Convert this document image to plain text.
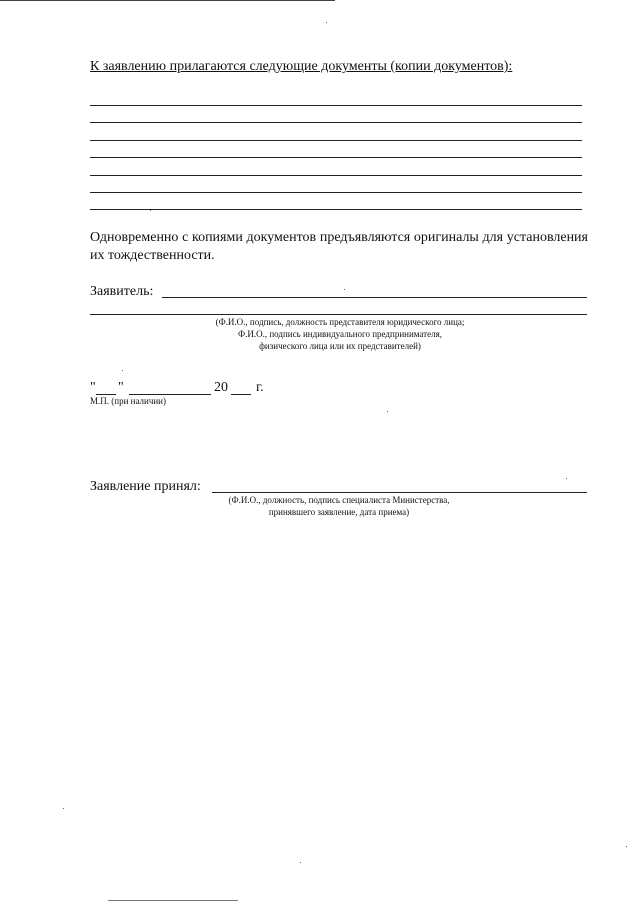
К заявлению прилагаются следующие документы (копии документов):
Одновременно с копиями документов предъявляются оригиналы для установления их тождественности.
Заявитель:
(Ф.И.О., подпись, должность представителя юридического лица;
Ф.И.О., подпись индивидуального предпринимателя,
физического лица или их представителей)
" "	20 г.
М.П. (при наличии)
Заявление принял:
(Ф.И.О., должность, подпись специалиста Министерства,
принявшего заявление, дата приема)
